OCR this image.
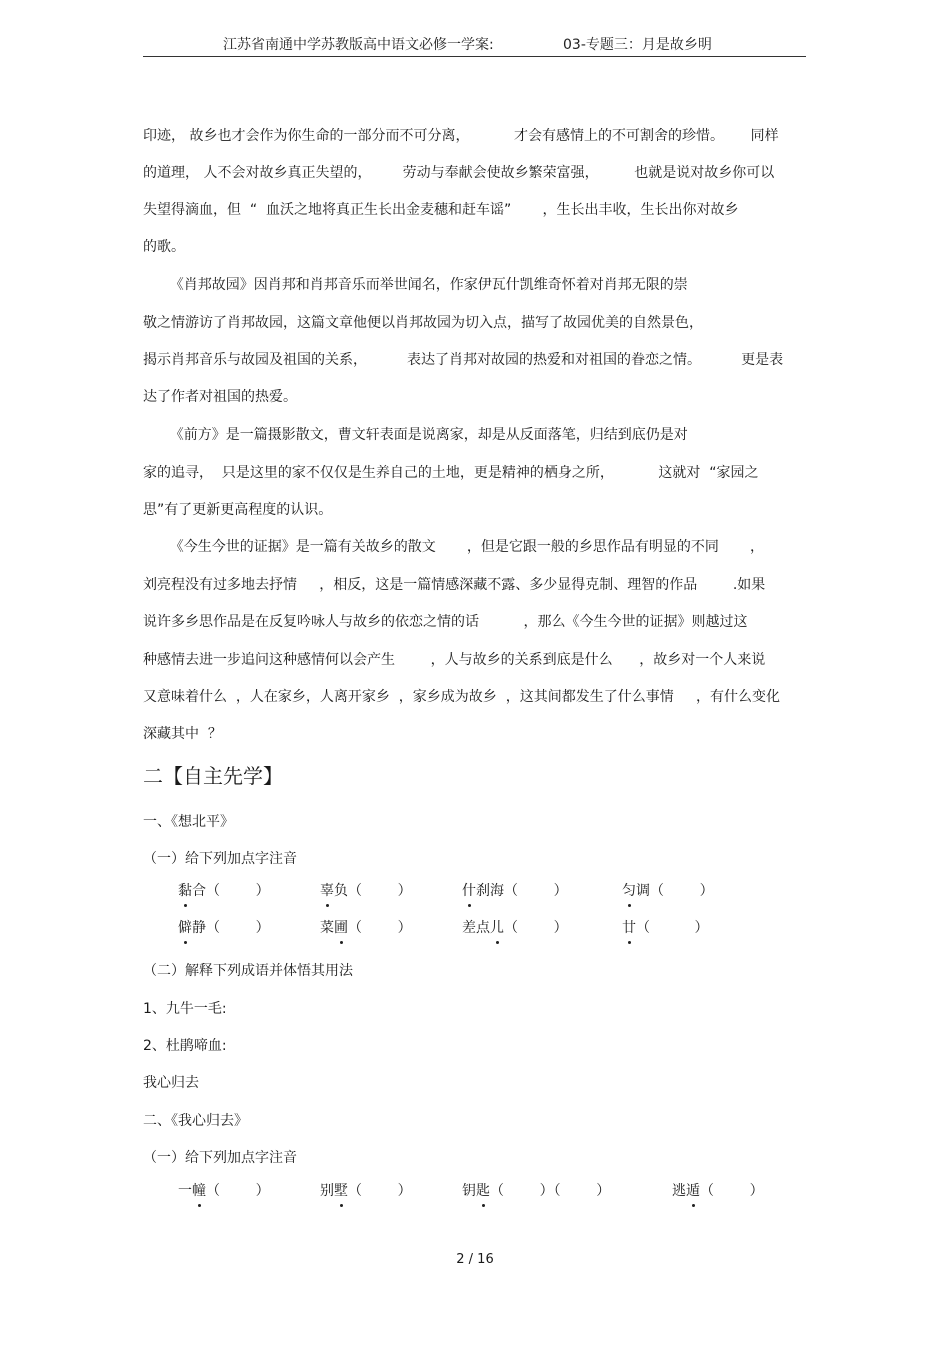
江苏省南通中学苏教版高中语文必修一学案:	03-专题三：月是故乡明
印迹， 故乡也才会作为你生命的一部分而不可分离，          才会有感情上的不可割舍的珍惜。      同样
的道理， 人不会对故乡真正失望的，       劳动与奉献会使故乡繁荣富强，        也就是说对故乡你可以
失望得滴血，但  “  血沃之地将真正生长出金麦穗和赶车谣”       ，生长出丰收，生长出你对故乡
的歌。
《肖邦故园》因肖邦和肖邦音乐而举世闻名，作家伊瓦什凯维奇怀着对肖邦无限的崇
敬之情游访了肖邦故园，这篇文章他便以肖邦故园为切入点，描写了故园优美的自然景色，
揭示肖邦音乐与故园及祖国的关系，         表达了肖邦对故园的热爱和对祖国的眷恋之情。         更是表
达了作者对祖国的热爱。
《前方》是一篇摄影散文，曹文轩表面是说离家，却是从反面落笔，归结到底仍是对
家的追寻，  只是这里的家不仅仅是生养自己的土地，更是精神的栖身之所，          这就对  “家园之
思”有了更新更高程度的认识。
《今生今世的证据》是一篇有关故乡的散文       ，但是它跟一般的乡思作品有明显的不同       ，
刘亮程没有过多地去抒情     ，相反，这是一篇情感深藏不露、多少显得克制、理智的作品        .如果
说许多乡思作品是在反复吟咏人与故乡的依恋之情的话          ，那么《今生今世的证据》则越过这
种感情去进一步追问这种感情何以会产生        ，人与故乡的关系到底是什么      ，故乡对一个人来说
又意味着什么  ，人在家乡，人离开家乡  ，家乡成为故乡  ，这其间都发生了什么事情     ，有什么变化
深藏其中  ？
二【自主先学】
一、《想北平》
（一）给下列加点字注音
黏合（        ）	辜负（        ）	什刹海（        ）	匀调（        ）
僻静（        ）	菜圃（        ）	差点儿（        ）	廿（          ）
（二）解释下列成语并体悟其用法
1、九牛一毛:
2、杜鹃啼血:
我心归去
二、《我心归去》
（一）给下列加点字注音
一幢（        ）	别墅（        ）	钥匙（        ）（        ）	逃遁（        ）
2 / 16
